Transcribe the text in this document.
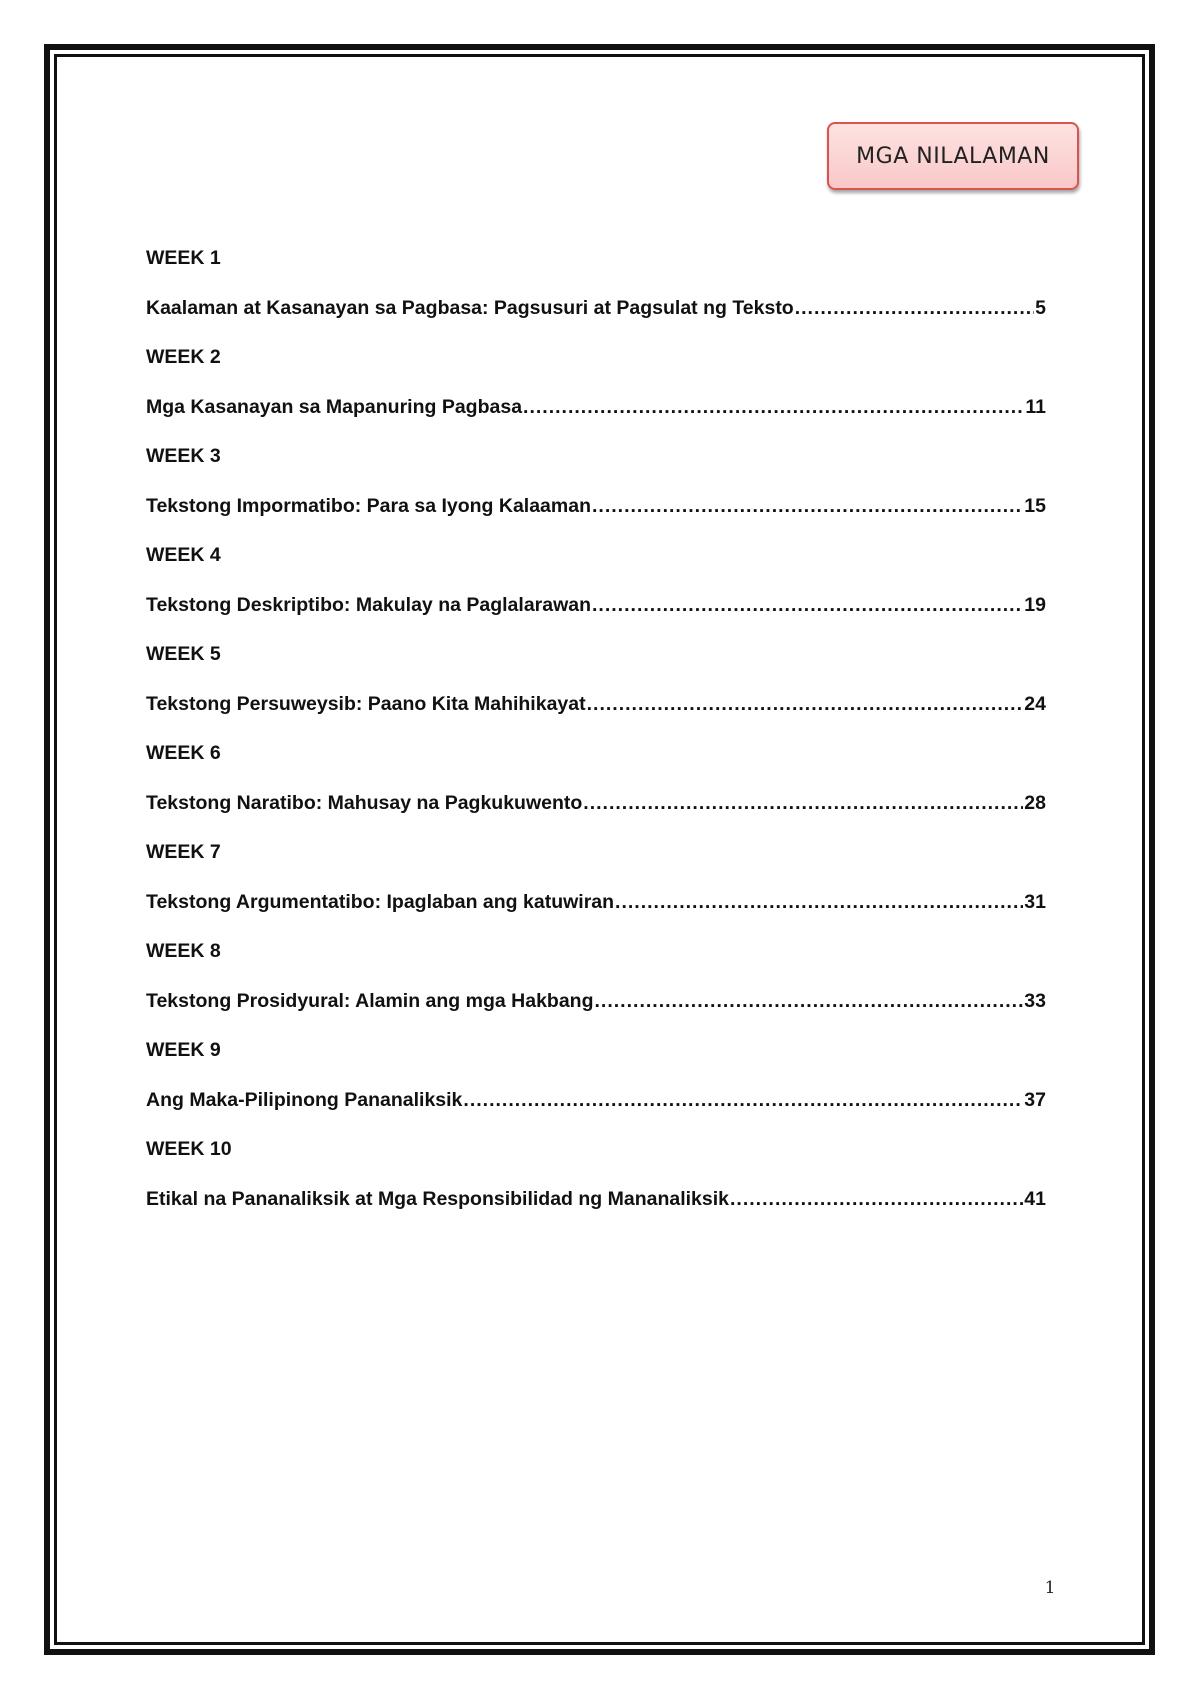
MGA NILALAMAN
WEEK 1
Kaalaman at Kasanayan sa Pagbasa: Pagsusuri at Pagsulat ng Teksto .....	5
WEEK 2
Mga Kasanayan sa Mapanuring Pagbasa .....	11
WEEK 3
Tekstong Impormatibo: Para sa Iyong Kalaaman .....	15
WEEK 4
Tekstong Deskriptibo: Makulay na Paglalarawan .....	19
WEEK 5
Tekstong Persuweysib: Paano Kita Mahihikayat .....	24
WEEK 6
Tekstong Naratibo: Mahusay na Pagkukuwento .....	28
WEEK 7
Tekstong Argumentatibo: Ipaglaban ang katuwiran .....	31
WEEK 8
Tekstong Prosidyural: Alamin ang mga Hakbang .....	33
WEEK 9
Ang Maka-Pilipinong Pananaliksik .....	37
WEEK 10
Etikal na Pananaliksik at Mga Responsibilidad ng Mananaliksik .....	41
1
